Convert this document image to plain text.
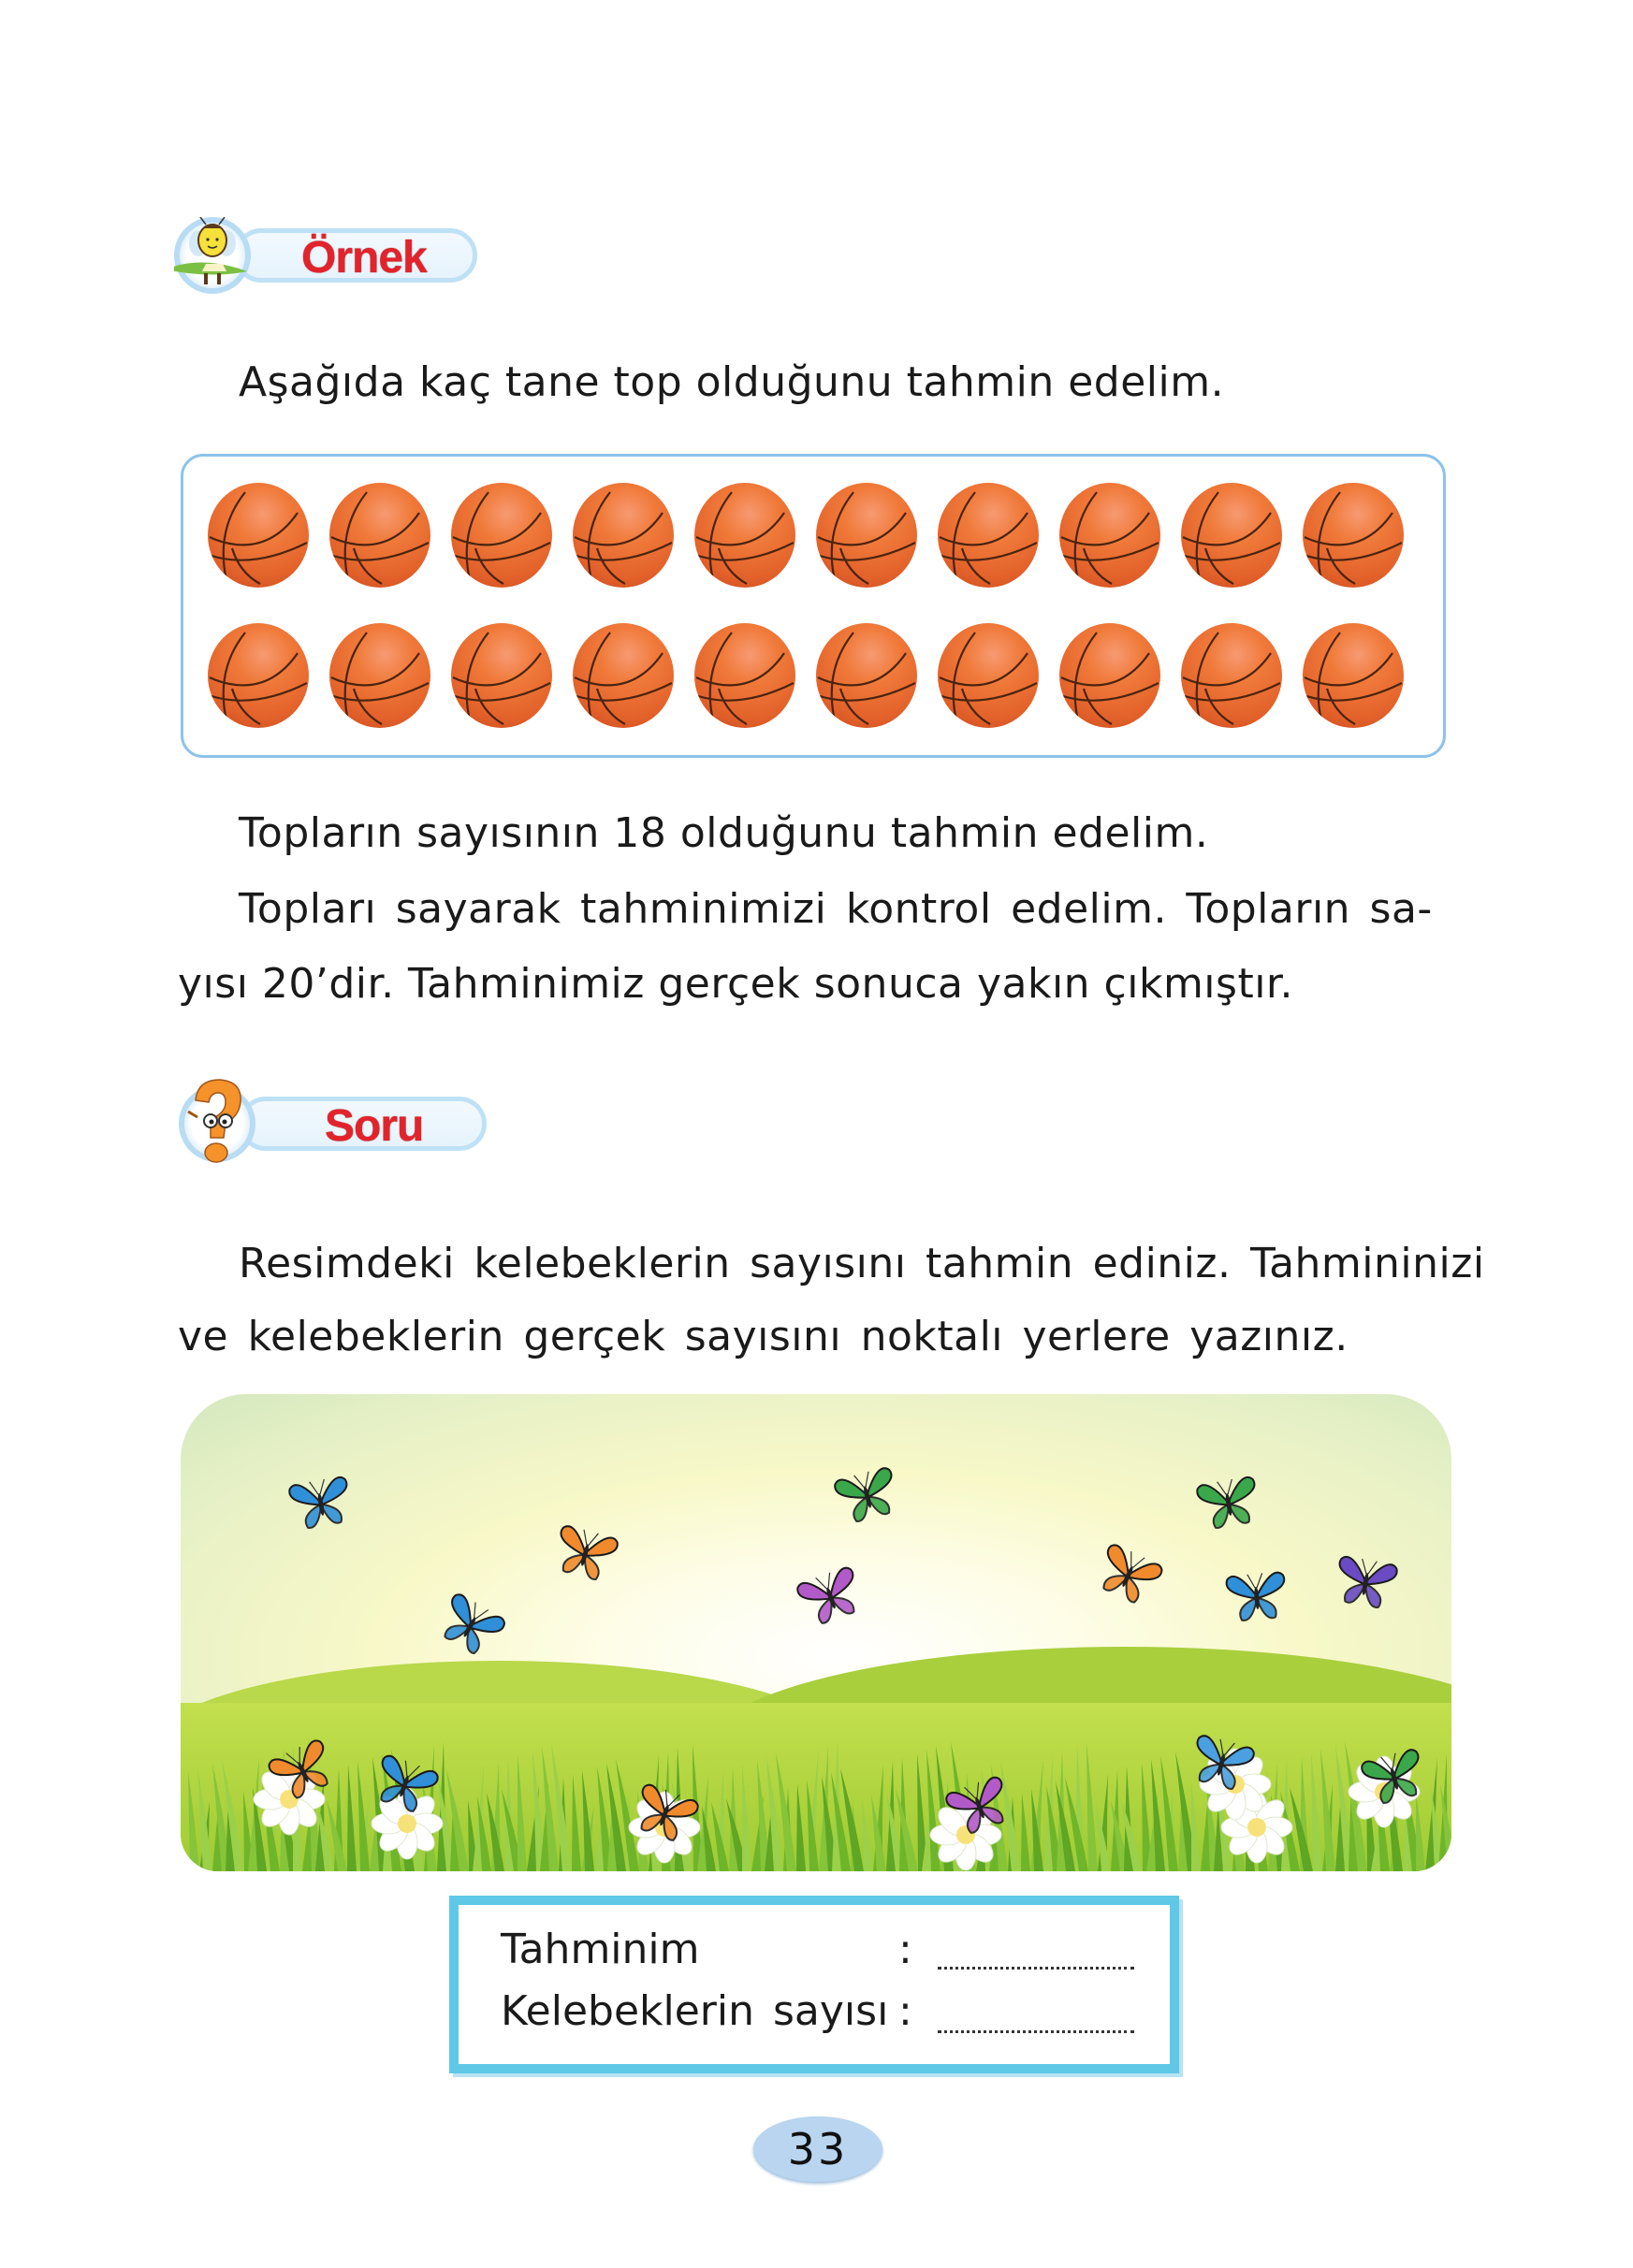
Örnek
Aşağıda kaç tane top olduğunu tahmin edelim.
Topların sayısının 18 olduğunu tahmin edelim.
Topları sayarak tahminimizi kontrol edelim. Topların sa-
yısı 20’dir. Tahminimiz gerçek sonuca yakın çıkmıştır.
Soru
Resimdeki kelebeklerin sayısını tahmin ediniz. Tahmininizi
ve kelebeklerin gerçek sayısını noktalı yerlere yazınız.
Tahminim	:
Kelebeklerin sayısı :
33
